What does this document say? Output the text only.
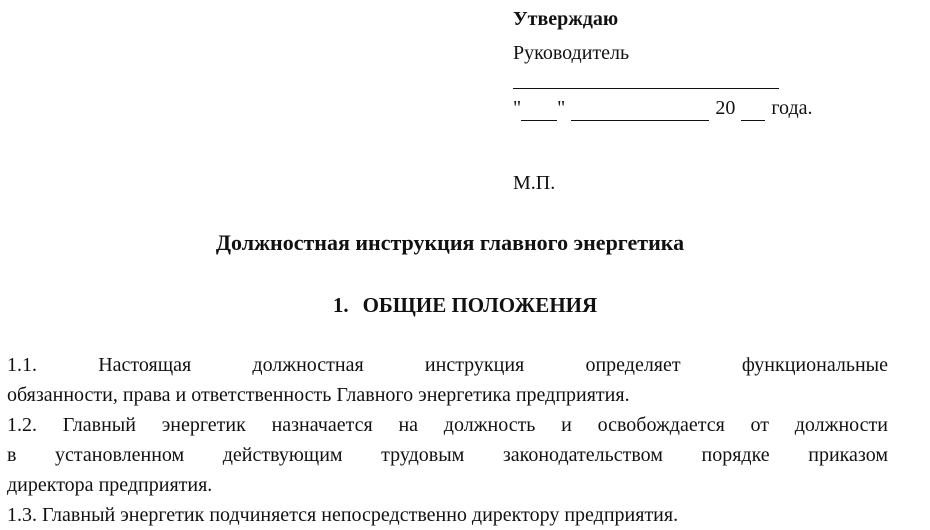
Утверждаю
Руководитель
" "	20 года.
М.П.
Должностная инструкция главного энергетика
1. ОБЩИЕ ПОЛОЖЕНИЯ
1.1. Настоящая должностная инструкция определяет функциональные
обязанности, права и ответственность Главного энергетика предприятия.
1.2. Главный энергетик назначается на должность и освобождается от должности
в установленном действующим трудовым законодательством порядке приказом
директора предприятия.
1.3. Главный энергетик подчиняется непосредственно директору предприятия.
